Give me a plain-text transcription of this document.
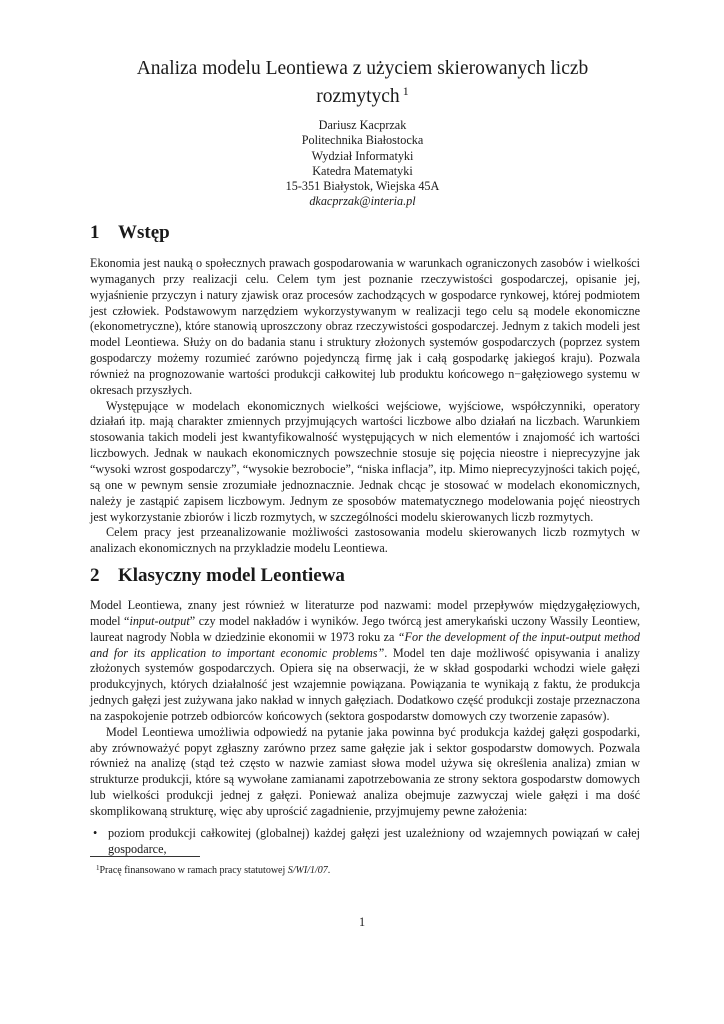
Analiza modelu Leontiewa z użyciem skierowanych liczb
rozmytych $^1$
Dariusz Kacprzak
Politechnika Białostocka
Wydział Informatyki
Katedra Matematyki
15-351 Białystok, Wiejska 45A
dkacprzak@interia.pl
1 Wstęp

Ekonomia jest nauką o społecznych prawach gospodarowania w warunkach ograniczonych zasobów i wielkości wymaganych przy realizacji celu. Celem tym jest poznanie rzeczywistości gospodarczej, opisanie jej, wyjaśnienie przyczyn i natury zjawisk oraz procesów zachodzących w gospodarce rynkowej, której podmiotem jest człowiek. Podstawowym narzędziem wykorzystywanym w realizacji tego celu są modele ekonomiczne (ekonometryczne), które stanowią uproszczony obraz rzeczywistości gospodarczej. Jednym z takich modeli jest model Leontiewa. Służy on do badania stanu i struktury złożonych systemów gospodarczych (poprzez system gospodarczy możemy rozumieć zarówno pojedynczą firmę jak i całą gospodarkę jakiegoś kraju). Pozwala również na prognozowanie wartości produkcji całkowitej lub produktu końcowego n−gałęziowego systemu w okresach przyszłych.

Występujące w modelach ekonomicznych wielkości wejściowe, wyjściowe, współczynniki, operatory działań itp. mają charakter zmiennych przyjmujących wartości liczbowe albo działań na liczbach. Warunkiem stosowania takich modeli jest kwantyfikowalność występujących w nich elementów i znajomość ich wartości liczbowych. Jednak w naukach ekonomicznych powszechnie stosuje się pojęcia nieostre i nieprecyzyjne jak “wysoki wzrost gospodarczy”, “wysokie bezrobocie”, “niska inflacja”, itp. Mimo nieprecyzyjności takich pojęć, są one w pewnym sensie zrozumiałe jednoznacznie. Jednak chcąc je stosować w modelach ekonomicznych, należy je zastąpić zapisem liczbowym. Jednym ze sposobów matematycznego modelowania pojęć nieostrych jest wykorzystanie zbiorów i liczb rozmytych, w szczególności modelu skierowanych liczb rozmytych.

Celem pracy jest przeanalizowanie możliwości zastosowania modelu skierowanych liczb rozmytych w analizach ekonomicznych na przykladzie modelu Leontiewa.

2 Klasyczny model Leontiewa

Model Leontiewa, znany jest również w literaturze pod nazwami: model przepływów międzygałęziowych, model “input-output” czy model nakładów i wyników. Jego twórcą jest amerykański uczony Wassily Leontiew, laureat nagrody Nobla w dziedzinie ekonomii w 1973 roku za “For the development of the input-output method and for its application to important economic problems”. Model ten daje możliwość opisywania i analizy złożonych systemów gospodarczych. Opiera się na obserwacji, że w skład gospodarki wchodzi wiele gałęzi produkcyjnych, których działalność jest wzajemnie powiązana. Powiązania te wynikają z faktu, że produkcja jednych gałęzi jest zużywana jako nakład w innych gałęziach. Dodatkowo część produkcji zostaje przeznaczona na zaspokojenie potrzeb odbiorców końcowych (sektora gospodarstw domowych czy tworzenie zapasów).

Model Leontiewa umożliwia odpowiedź na pytanie jaka powinna być produkcja każdej gałęzi gospodarki, aby zrównoważyć popyt zgłaszny zarówno przez same gałęzie jak i sektor gospodarstw domowych. Pozwala również na analizę (stąd też często w nazwie zamiast słowa model używa się określenia analiza) zmian w strukturze produkcji, które są wywołane zamianami zapotrzebowania ze strony sektora gospodarstw domowych lub wielkości produkcji jednej z gałęzi. Ponieważ analiza obejmuje zazwyczaj wiele gałęzi i ma dość skomplikowaną strukturę, więc aby uprościć zagadnienie, przyjmujemy pewne założenia:

• poziom produkcji całkowitej (globalnej) każdej gałęzi jest uzależniony od wzajemnych powiązań w całej gospodarce,
$^1$Pracę finansowano w ramach pracy statutowej S/WI/1/07.
1
